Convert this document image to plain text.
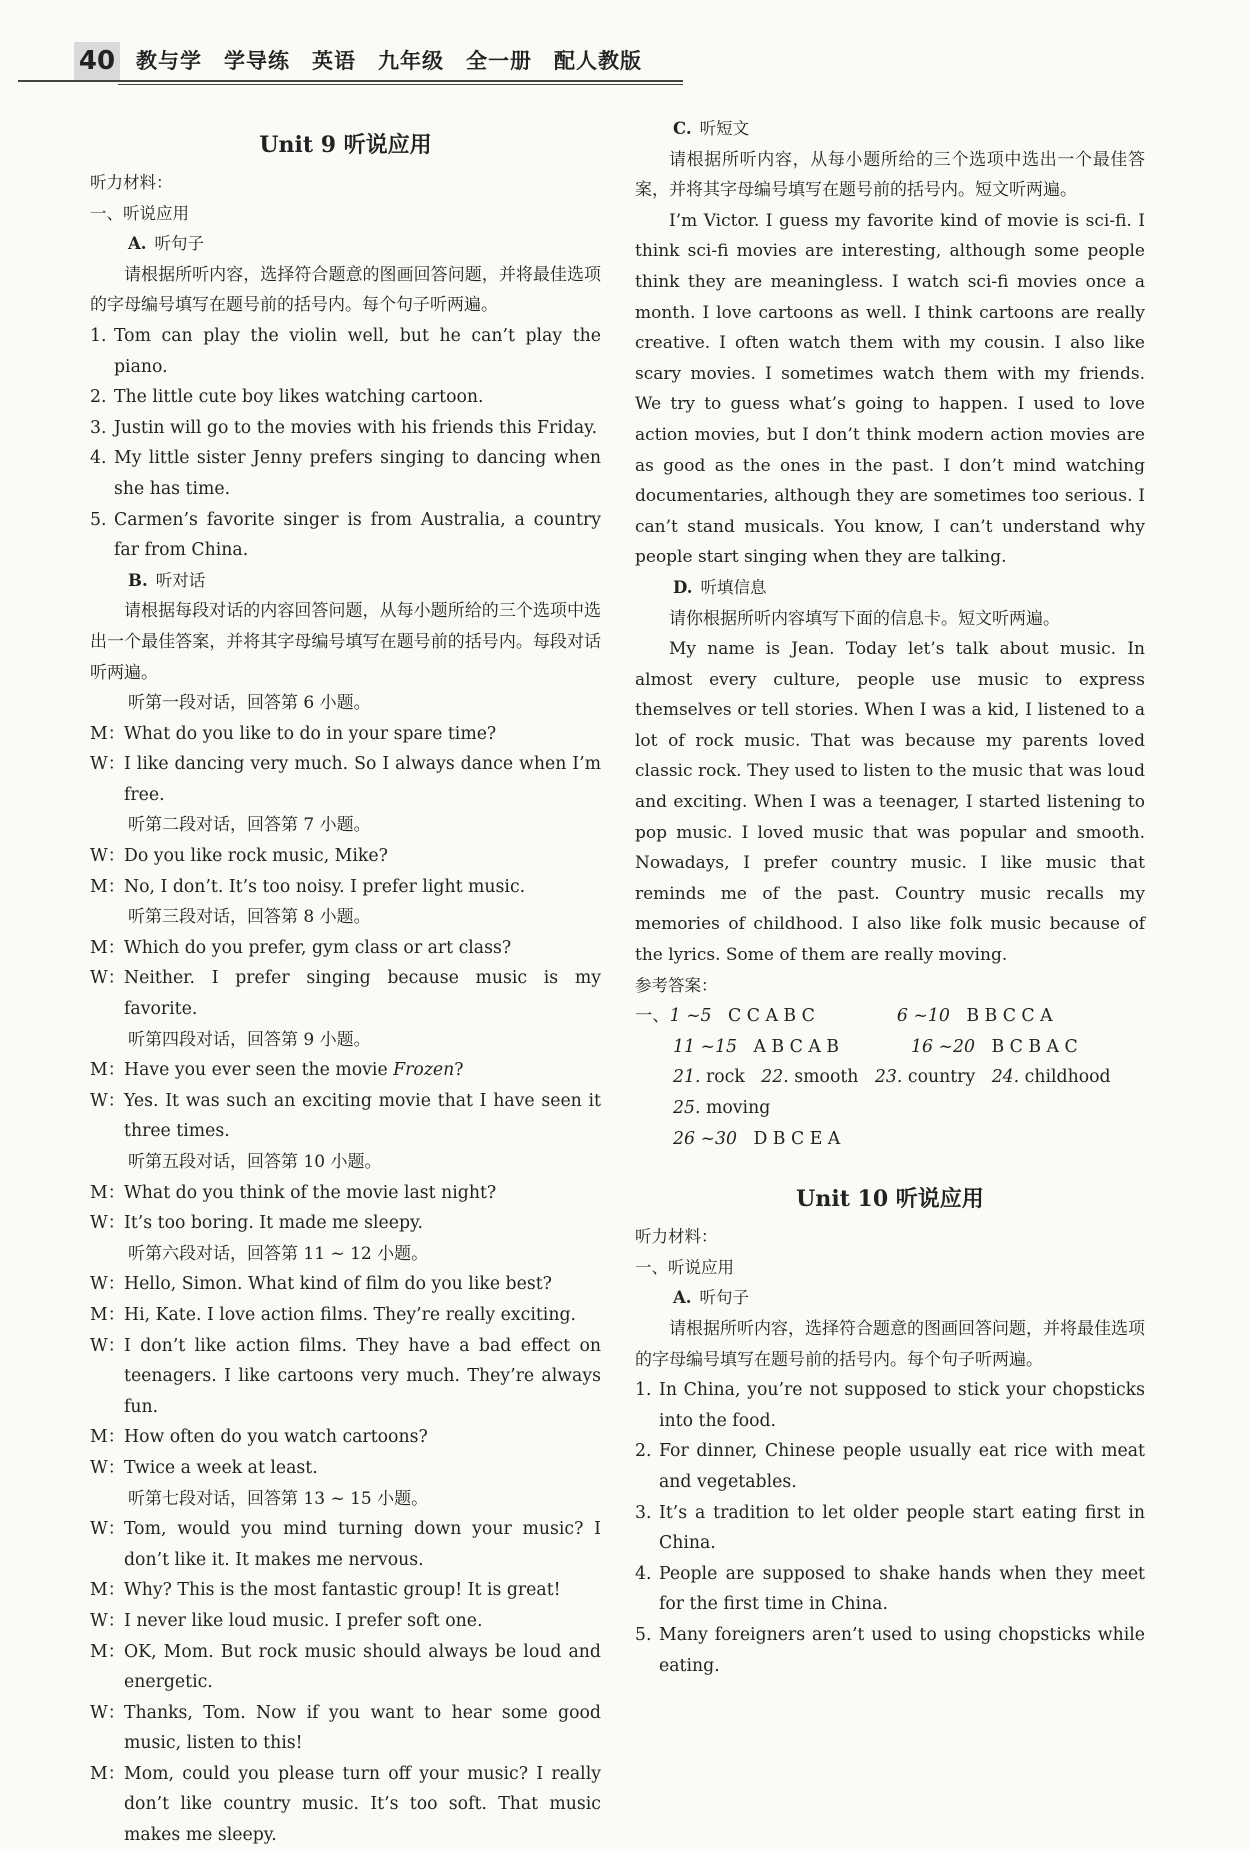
40 教与学　学导练　英语　九年级　全一册　配人教版
Unit 9 听说应用
听力材料：
一、听说应用
A. 听句子
请根据所听内容，选择符合题意的图画回答问题，并将最佳选项的字母编号填写在题号前的括号内。每个句子听两遍。
1. Tom can play the violin well, but he can’t play the piano.
2. The little cute boy likes watching cartoon.
3. Justin will go to the movies with his friends this Friday.
4. My little sister Jenny prefers singing to dancing when she has time.
5. Carmen’s favorite singer is from Australia, a country far from China.
B. 听对话
请根据每段对话的内容回答问题，从每小题所给的三个选项中选出一个最佳答案，并将其字母编号填写在题号前的括号内。每段对话听两遍。
听第一段对话，回答第 6 小题。
M：What do you like to do in your spare time?
W：I like dancing very much. So I always dance when I’m free.
听第二段对话，回答第 7 小题。
W：Do you like rock music, Mike?
M：No, I don’t. It’s too noisy. I prefer light music.
听第三段对话，回答第 8 小题。
M：Which do you prefer, gym class or art class?
W：Neither. I prefer singing because music is my favorite.
听第四段对话，回答第 9 小题。
M：Have you ever seen the movie Frozen?
W：Yes. It was such an exciting movie that I have seen it three times.
听第五段对话，回答第 10 小题。
M：What do you think of the movie last night?
W：It’s too boring. It made me sleepy.
听第六段对话，回答第 11 ~ 12 小题。
W：Hello, Simon. What kind of film do you like best?
M：Hi, Kate. I love action films. They’re really exciting.
W：I don’t like action films. They have a bad effect on teenagers. I like cartoons very much. They’re always fun.
M：How often do you watch cartoons?
W：Twice a week at least.
听第七段对话，回答第 13 ~ 15 小题。
W：Tom, would you mind turning down your music? I don’t like it. It makes me nervous.
M：Why? This is the most fantastic group! It is great!
W：I never like loud music. I prefer soft one.
M：OK, Mom. But rock music should always be loud and energetic.
W：Thanks, Tom. Now if you want to hear some good music, listen to this!
M：Mom, could you please turn off your music? I really don’t like country music. It’s too soft. That music makes me sleepy.
C. 听短文
请根据所听内容，从每小题所给的三个选项中选出一个最佳答案，并将其字母编号填写在题号前的括号内。短文听两遍。
I’m Victor. I guess my favorite kind of movie is sci-fi. I think sci-fi movies are interesting, although some people think they are meaningless. I watch sci-fi movies once a month. I love cartoons as well. I think cartoons are really creative. I often watch them with my cousin. I also like scary movies. I sometimes watch them with my friends. We try to guess what’s going to happen. I used to love action movies, but I don’t think modern action movies are as good as the ones in the past. I don’t mind watching documentaries, although they are sometimes too serious. I can’t stand musicals. You know, I can’t understand why people start singing when they are talking.
D. 听填信息
请你根据所听内容填写下面的信息卡。短文听两遍。
My name is Jean. Today let’s talk about music. In almost every culture, people use music to express themselves or tell stories. When I was a kid, I listened to a lot of rock music. That was because my parents loved classic rock. They used to listen to the music that was loud and exciting. When I was a teenager, I started listening to pop music. I loved music that was popular and smooth. Nowadays, I prefer country music. I like music that reminds me of the past. Country music recalls my memories of childhood. I also like folk music because of the lyrics. Some of them are really moving.
参考答案：
一、1 ~5 C C A B C	6 ~10 B B C C A
11 ~15 A B C A B	16 ~20 B C B A C
21. rock 22. smooth 23. country 24. childhood
25. moving
26 ~30 D B C E A
Unit 10 听说应用
听力材料：
一、听说应用
A. 听句子
请根据所听内容，选择符合题意的图画回答问题，并将最佳选项的字母编号填写在题号前的括号内。每个句子听两遍。
1. In China, you’re not supposed to stick your chopsticks into the food.
2. For dinner, Chinese people usually eat rice with meat and vegetables.
3. It’s a tradition to let older people start eating first in China.
4. People are supposed to shake hands when they meet for the first time in China.
5. Many foreigners aren’t used to using chopsticks while eating.
